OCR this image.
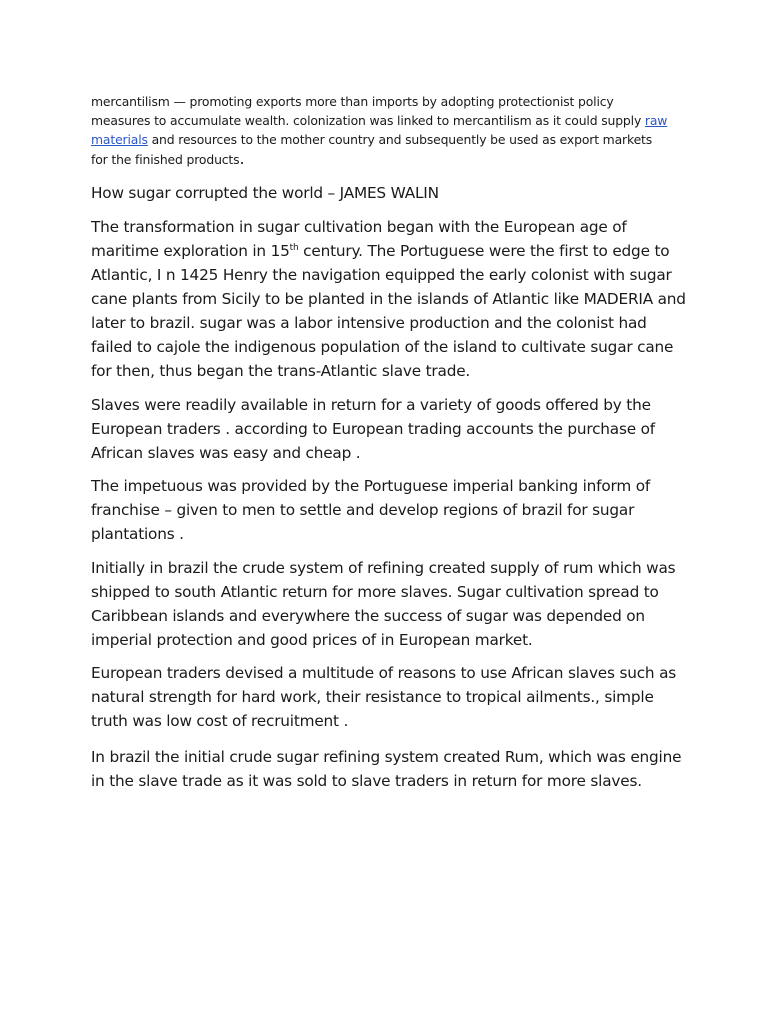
mercantilism — promoting exports more than imports by adopting protectionist policy measures to accumulate wealth. colonization was linked to mercantilism as it could supply raw materials and resources to the mother country and subsequently be used as export markets for the finished products.
How sugar corrupted the world – JAMES WALIN

The transformation in sugar cultivation began with the European age of maritime exploration in 15th century. The Portuguese were the first to edge to Atlantic, I n 1425 Henry the navigation equipped the early colonist with sugar cane plants from Sicily to be planted in the islands of Atlantic like MADERIA and later to brazil. sugar was a labor intensive production and the colonist had failed to cajole the indigenous population of the island to cultivate sugar cane for then, thus began the trans-Atlantic slave trade.

Slaves were readily available in return for a variety of goods offered by the European traders . according to European trading accounts the purchase of African slaves was easy and cheap .

The impetuous was provided by the Portuguese imperial banking inform of franchise – given to men to settle and develop regions of brazil for sugar plantations .

Initially in brazil the crude system of refining created supply of rum which was shipped to south Atlantic return for more slaves. Sugar cultivation spread to Caribbean islands and everywhere the success of sugar was depended on imperial protection and good prices of in European market.

European traders devised a multitude of reasons to use African slaves such as natural strength for hard work, their resistance to tropical ailments., simple truth was low cost of recruitment .

In brazil the initial crude sugar refining system created Rum, which was engine in the slave trade as it was sold to slave traders in return for more slaves.
